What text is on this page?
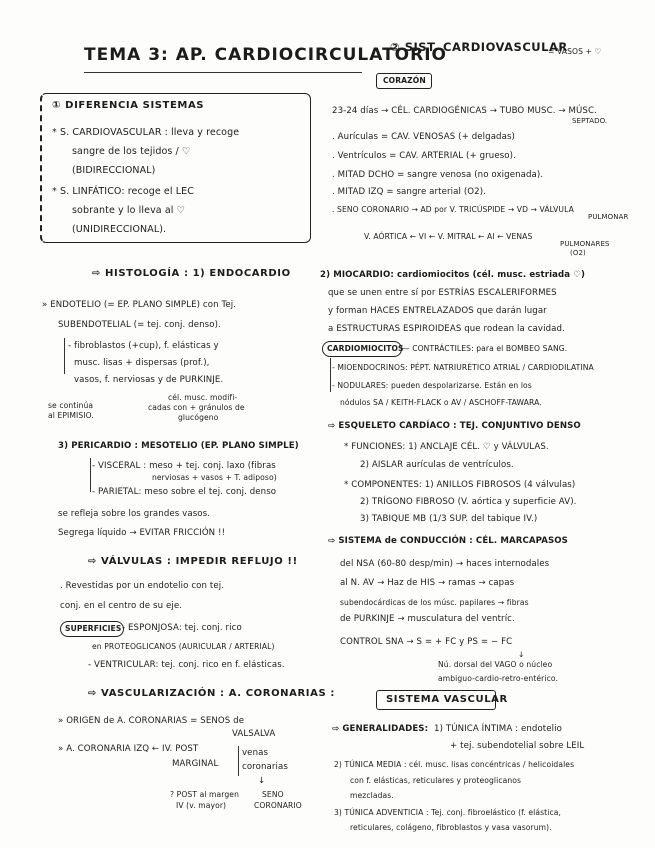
TEMA 3: AP. CARDIOCIRCULATORIO
① DIFERENCIA SISTEMAS
* S. CARDIOVASCULAR : lleva y recoge
sangre de los tejidos / ♡
(BIDIRECCIONAL)
* S. LINFÁTICO: recoge el LEC
sobrante y lo lleva al ♡
(UNIDIRECCIONAL).
⇨ HISTOLOGÍA : 1) ENDOCARDIO
» ENDOTELIO (= EP. PLANO SIMPLE) con Tej.
SUBENDOTELIAL (= tej. conj. denso).
- fibroblastos (+cup), f. elásticas y
musc. lisas + dispersas (prof.),
vasos, f. nerviosas y de PURKINJE.
se continúa
al EPIMISIO.
cél. musc. modifi-
cadas con + gránulos de
glucógeno
3) PERICARDIO : MESOTELIO (EP. PLANO SIMPLE)
- VISCERAL : meso + tej. conj. laxo (fibras
nerviosas + vasos + T. adiposo)
- PARIETAL: meso sobre el tej. conj. denso
se refleja sobre los grandes vasos.
Segrega líquido → EVITAR FRICCIÓN !!
⇨ VÁLVULAS : IMPEDIR REFLUJO !!
. Revestidas por un endotelio con tej.
conj. en el centro de su eje.
SUPERFICIES - ESPONJOSA: tej. conj. rico
en PROTEOGLICANOS (AURICULAR / ARTERIAL)
- VENTRICULAR: tej. conj. rico en f. elásticas.
⇨ VASCULARIZACIÓN : A. CORONARIAS :
» ORIGEN de A. CORONARIAS = SENOS de
VALSALVA
» A. CORONARIA IZQ ← IV. POST
MARGINAL
venas
coronarias
↓
? POST al margen
IV (v. mayor)
SENO
CORONARIO
② SIST. CARDIOVASCULAR
= VASOS + ♡
CORAZÓN
23-24 días → CÉL. CARDIOGÉNICAS → TUBO MUSC. → MÚSC.
SEPTADO.
. Aurículas = CAV. VENOSAS (+ delgadas)
. Ventrículos = CAV. ARTERIAL (+ grueso).
. MITAD DCHO = sangre venosa (no oxigenada).
. MITAD IZQ = sangre arterial (O2).
. SENO CORONARIO → AD por V. TRICÚSPIDE → VD → VÁLVULA
PULMONAR
V. AÓRTICA ← VI ← V. MITRAL ← AI ← VENAS
PULMONARES
(O2)
2) MIOCARDIO: cardiomiocitos (cél. musc. estriada ♡)
que se unen entre sí por ESTRÍAS ESCALERIFORMES
y forman HACES ENTRELAZADOS que darán lugar
a ESTRUCTURAS ESPIROIDEAS que rodean la cavidad.
CARDIOMIOCITOS
— CONTRÁCTILES: para el BOMBEO SANG.
- MIOENDOCRINOS: PÉPT. NATRIURÉTICO ATRIAL / CARDIODILATINA
- NODULARES: pueden despolarizarse. Están en los
nódulos SA / KEITH-FLACK o AV / ASCHOFF-TAWARA.
⇨ ESQUELETO CARDÍACO : TEJ. CONJUNTIVO DENSO
* FUNCIONES: 1) ANCLAJE CÉL. ♡ y VÁLVULAS.
2) AISLAR aurículas de ventrículos.
* COMPONENTES: 1) ANILLOS FIBROSOS (4 válvulas)
2) TRÍGONO FIBROSO (V. aórtica y superficie AV).
3) TABIQUE MB (1/3 SUP. del tabique IV.)
⇨ SISTEMA de CONDUCCIÓN : CÉL. MARCAPASOS
del NSA (60-80 desp/min) → haces internodales
al N. AV → Haz de HIS → ramas → capas
subendocárdicas de los músc. papilares → fibras
de PURKINJE → musculatura del ventríc.
CONTROL SNA → S = + FC y PS = − FC
↓
Nú. dorsal del VAGO o núcleo
ambiguo-cardio-retro-entérico.
SISTEMA VASCULAR
⇨ GENERALIDADES: 1) TÚNICA ÍNTIMA : endotelio
+ tej. subendotelial sobre LEIL
2) TÚNICA MEDIA : cél. musc. lisas concéntricas / helicoidales
con f. elásticas, reticulares y proteoglicanos
mezcladas.
3) TÚNICA ADVENTICIA : Tej. conj. fibroelástico (f. elástica,
reticulares, colágeno, fibroblastos y vasa vasorum).
